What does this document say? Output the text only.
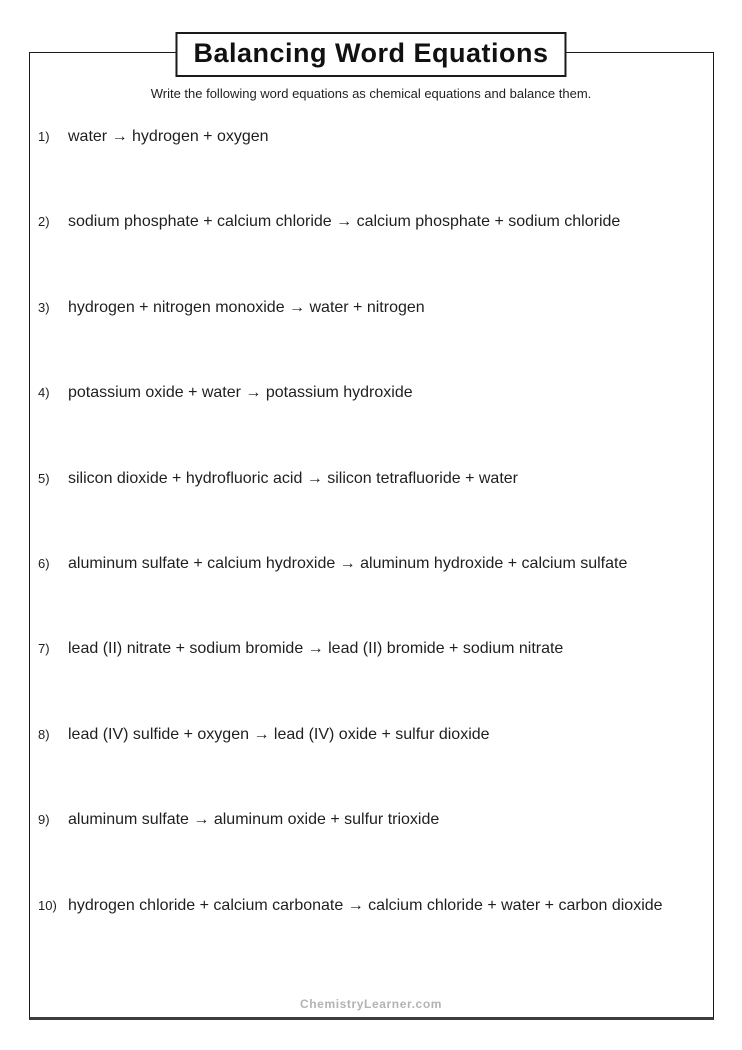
Balancing Word Equations

Write the following word equations as chemical equations and balance them.

1)	water → hydrogen + oxygen
2)	sodium phosphate + calcium chloride → calcium phosphate + sodium chloride
3)	hydrogen + nitrogen monoxide → water + nitrogen
4)	potassium oxide + water → potassium hydroxide
5)	silicon dioxide + hydrofluoric acid → silicon tetrafluoride + water
6)	aluminum sulfate + calcium hydroxide → aluminum hydroxide + calcium sulfate
7)	lead (II) nitrate + sodium bromide → lead (II) bromide + sodium nitrate
8)	lead (IV) sulfide + oxygen → lead (IV) oxide + sulfur dioxide
9)	aluminum sulfate → aluminum oxide + sulfur trioxide
10) hydrogen chloride + calcium carbonate → calcium chloride + water + carbon dioxide
ChemistryLearner.com
